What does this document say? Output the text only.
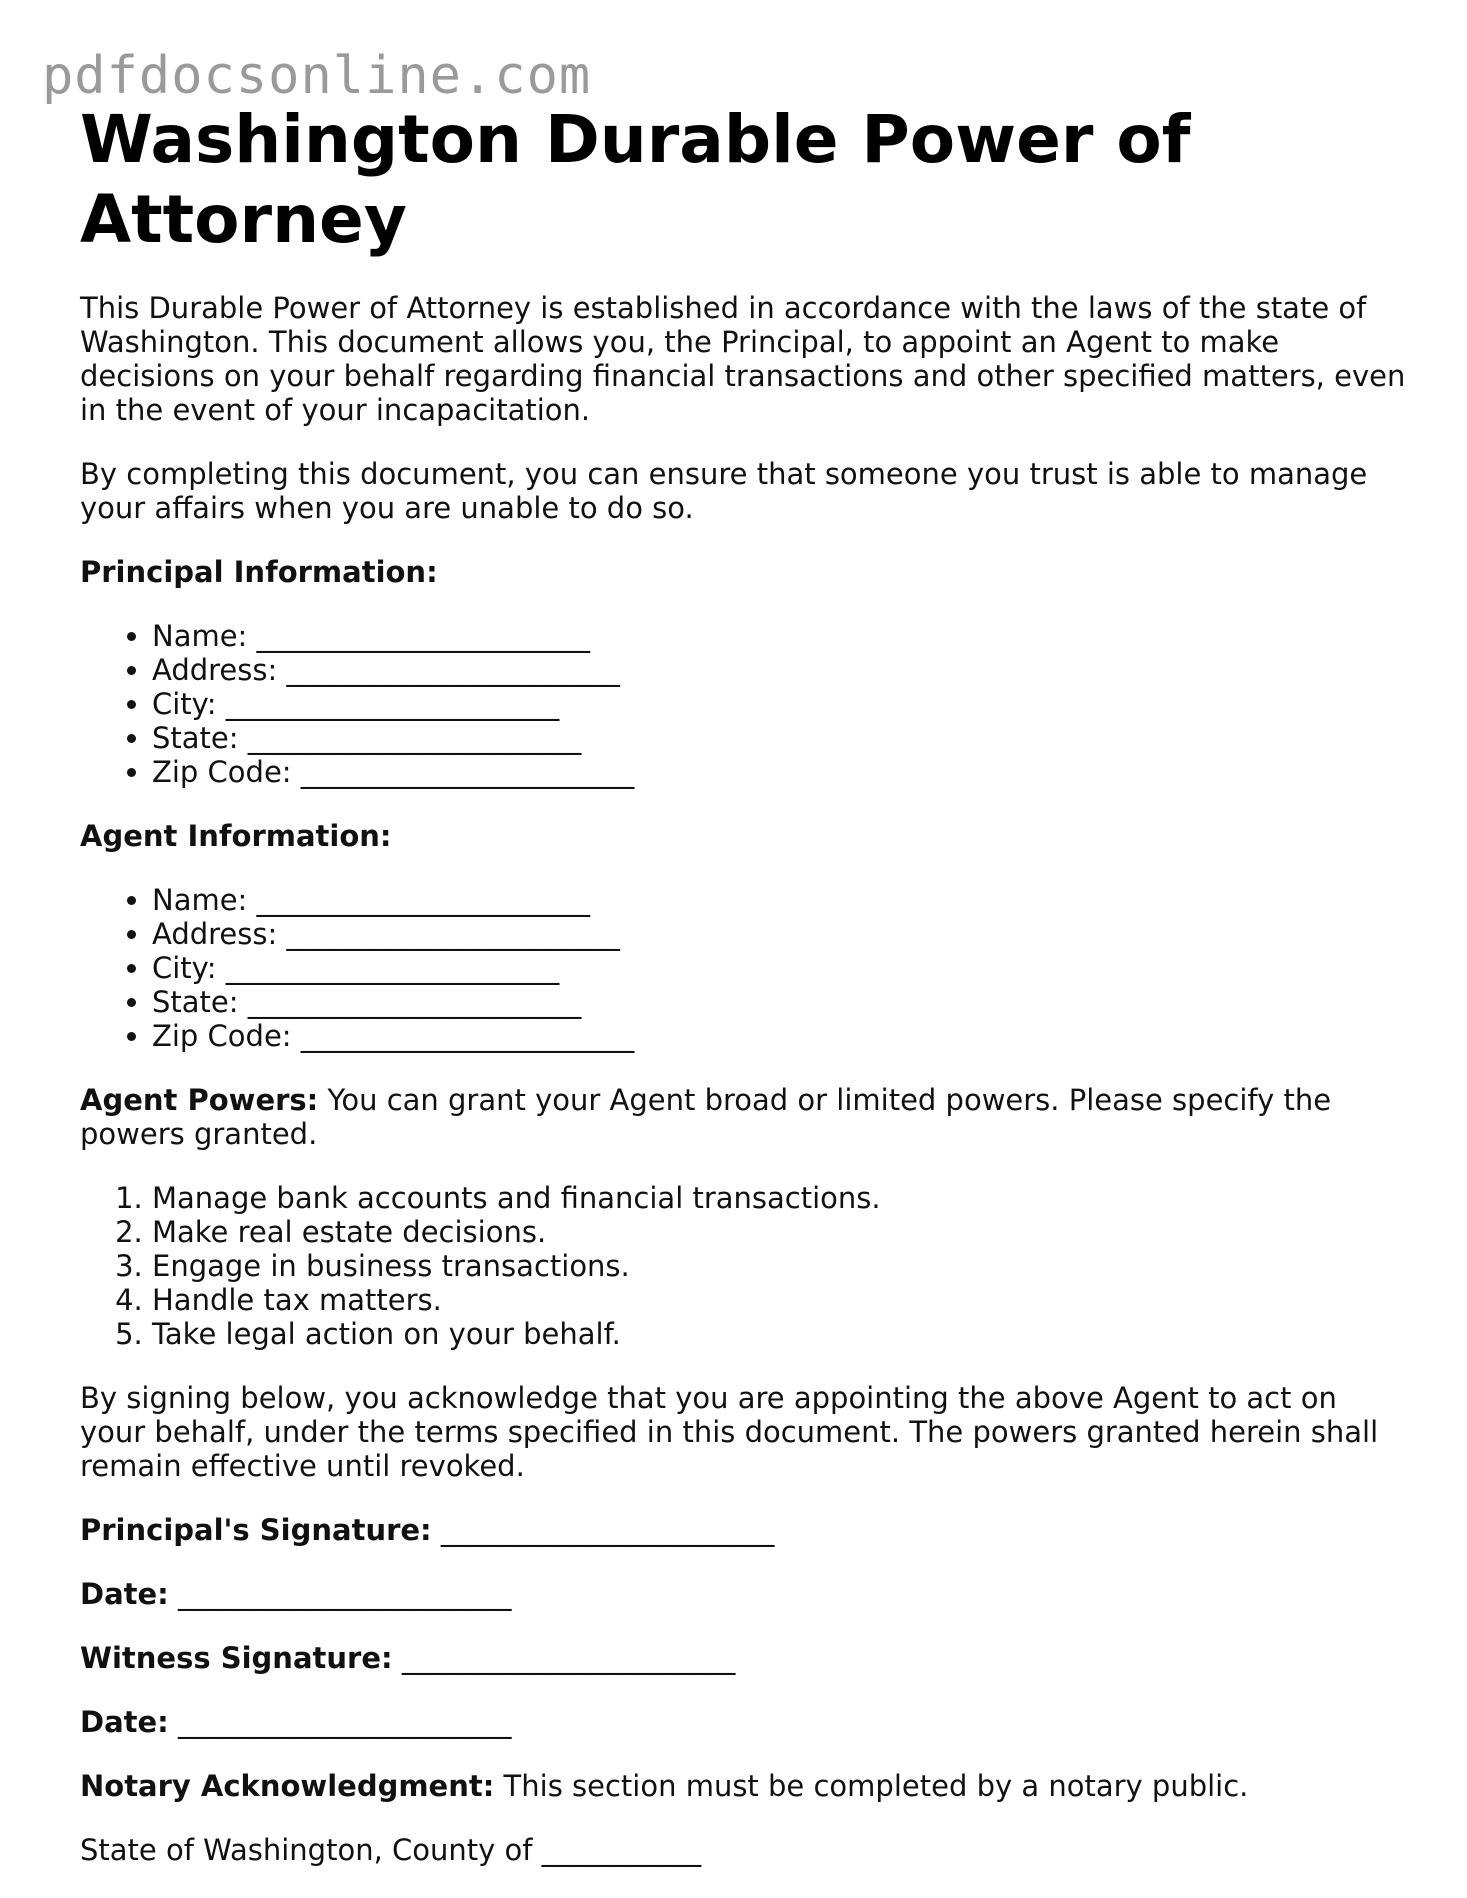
pdfdocsonline.com
Washington Durable Power of Attorney

This Durable Power of Attorney is established in accordance with the laws of the state of Washington. This document allows you, the Principal, to appoint an Agent to make decisions on your behalf regarding financial transactions and other specified matters, even in the event of your incapacitation.

By completing this document, you can ensure that someone you trust is able to manage your affairs when you are unable to do so.

Principal Information:

• Name: _______________________
• Address: _______________________
• City: _______________________
• State: _______________________
• Zip Code: _______________________

Agent Information:

• Name: _______________________
• Address: _______________________
• City: _______________________
• State: _______________________
• Zip Code: _______________________

Agent Powers: You can grant your Agent broad or limited powers. Please specify the powers granted.

1. Manage bank accounts and financial transactions.
2. Make real estate decisions.
3. Engage in business transactions.
4. Handle tax matters.
5. Take legal action on your behalf.

By signing below, you acknowledge that you are appointing the above Agent to act on your behalf, under the terms specified in this document. The powers granted herein shall remain effective until revoked.

Principal's Signature: _______________________

Date: _______________________

Witness Signature: _______________________

Date: _______________________

Notary Acknowledgment: This section must be completed by a notary public.

State of Washington, County of ___________
